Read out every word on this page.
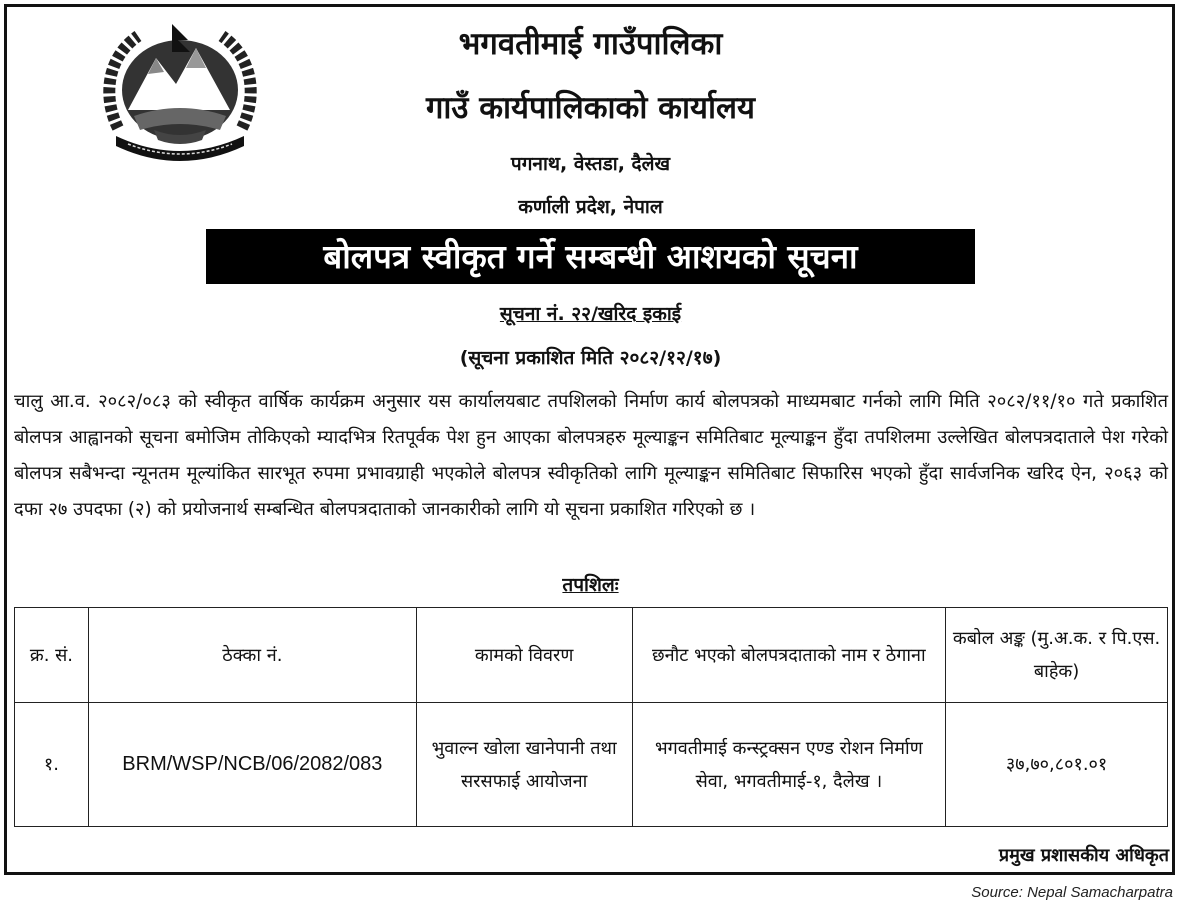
भगवतीमाई गाउँपालिका
गाउँ कार्यपालिकाको कार्यालय
पगनाथ, वेस्तडा, दैलेख
कर्णाली प्रदेश, नेपाल
बोलपत्र स्वीकृत गर्ने सम्बन्धी आशयको सूचना
सूचना नं. २२/खरिद इकाई
(सूचना प्रकाशित मिति २०८२/१२/१७)
चालु आ.व. २०८२/०८३ को स्वीकृत वार्षिक कार्यक्रम अनुसार यस कार्यालयबाट तपशिलको निर्माण कार्य बोलपत्रको माध्यमबाट गर्नको लागि मिति २०८२/११/१० गते प्रकाशित बोलपत्र आह्वानको सूचना बमोजिम तोकिएको म्यादभित्र रितपूर्वक पेश हुन आएका बोलपत्रहरु मूल्याङ्कन समितिबाट मूल्याङ्कन हुँदा तपशिलमा उल्लेखित बोलपत्रदाताले पेश गरेको बोलपत्र सबैभन्दा न्यूनतम मूल्यांकित सारभूत रुपमा प्रभावग्राही भएकोले बोलपत्र स्वीकृतिको लागि मूल्याङ्कन समितिबाट सिफारिस भएको हुँदा सार्वजनिक खरिद ऐन, २०६३ को दफा २७ उपदफा (२) को प्रयोजनार्थ सम्बन्धित बोलपत्रदाताको जानकारीको लागि यो सूचना प्रकाशित गरिएको छ ।
तपशिलः
क्र. सं.	ठेक्का नं.	कामको विवरण	छनौट भएको बोलपत्रदाताको नाम र ठेगाना	कबोल अङ्क (मु.अ.क. र पि.एस. बाहेक)
१.	BRM/WSP/NCB/06/2082/083	भुवाल्न खोला खानेपानी तथा सरसफाई आयोजना	भगवतीमाई कन्स्ट्रक्सन एण्ड रोशन निर्माण सेवा, भगवतीमाई-१, दैलेख ।	३७,७०,८०१.०१
प्रमुख प्रशासकीय अधिकृत
Source: Nepal Samacharpatra
